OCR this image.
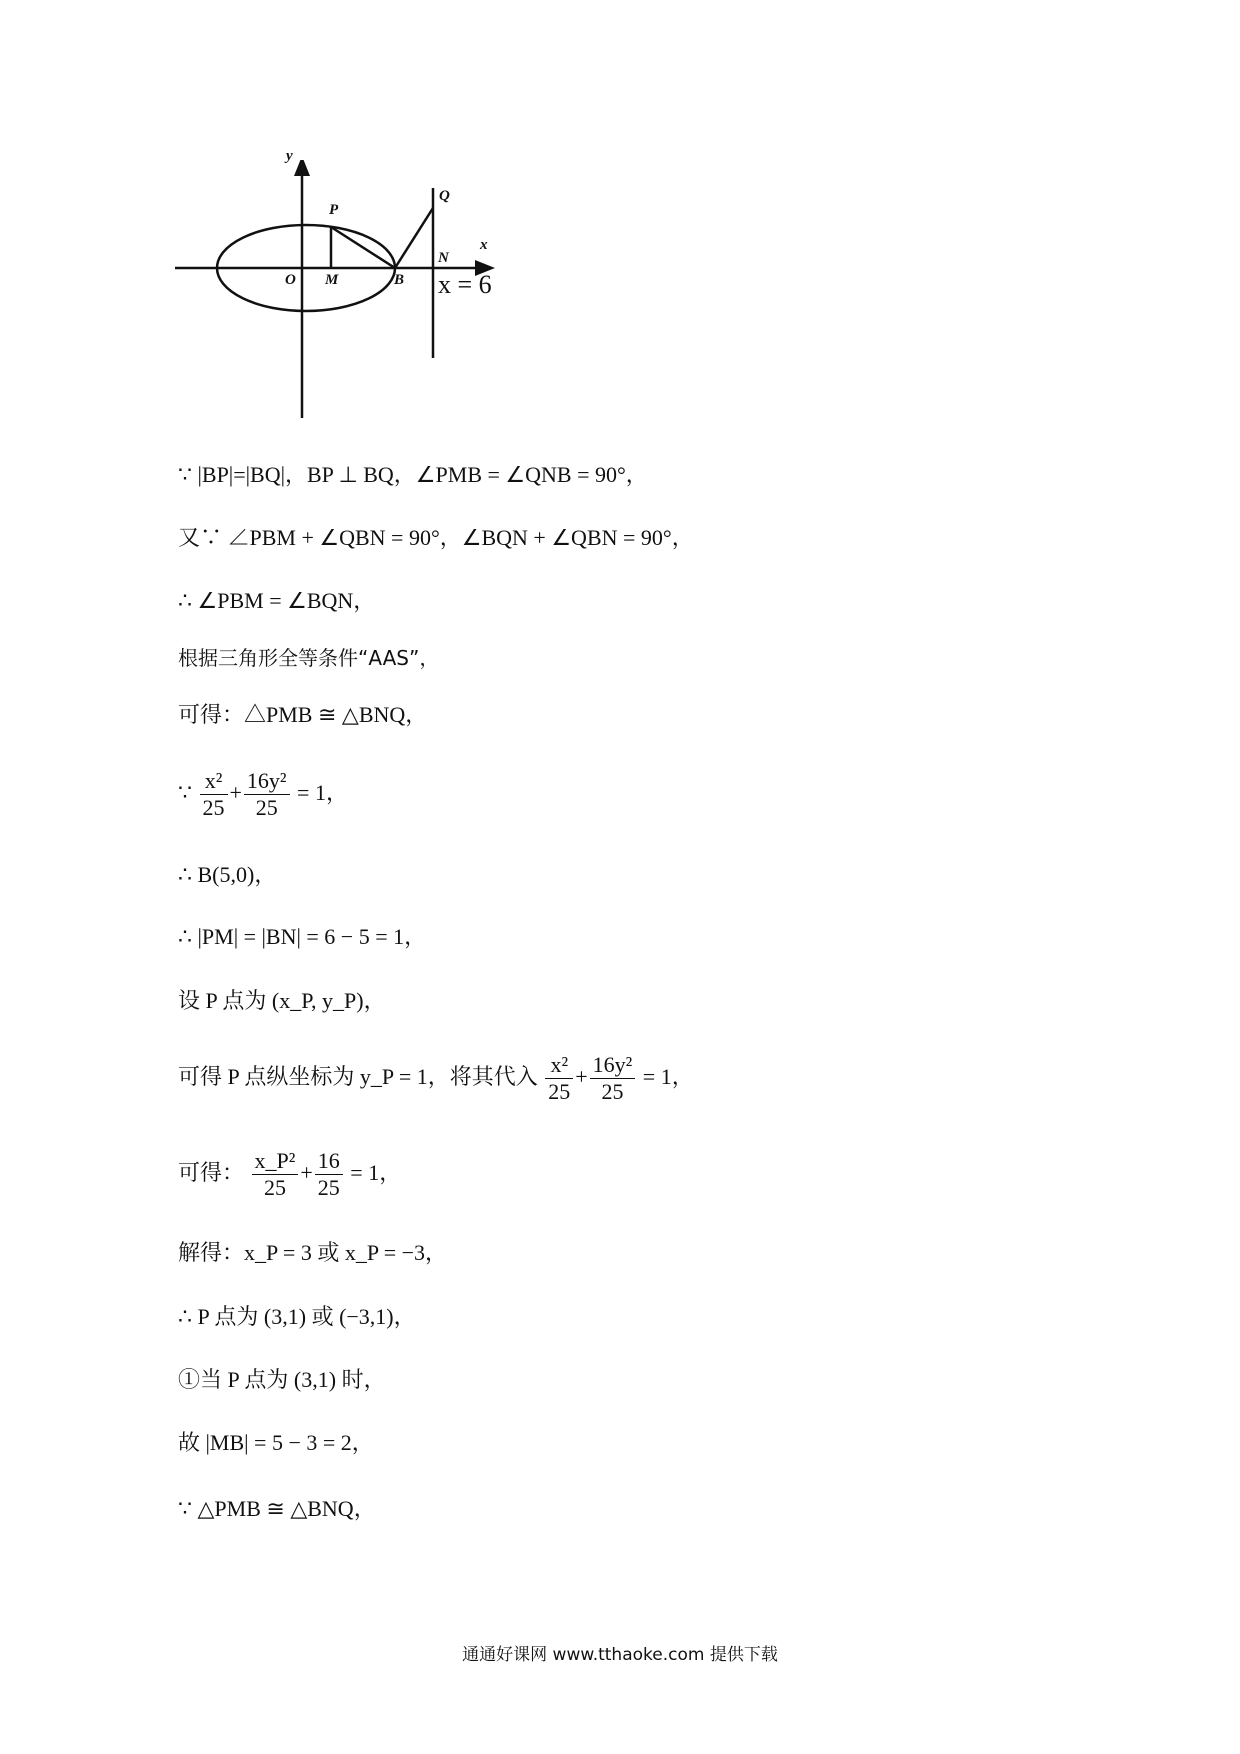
y
x
O M	B
P
Q
N
x = 6
∵ |BP|=|BQ|，BP ⊥ BQ，∠PMB = ∠QNB = 90°，
又∵ ∠PBM + ∠QBN = 90°，∠BQN + ∠QBN = 90°，
∴ ∠PBM = ∠BQN，
根据三角形全等条件“AAS”，
可得：△PMB ≅ △BNQ，
∵ $\frac{\text{x²}}{25} + \frac{\text{16y²}}{25} = 1$，
∴ B(5,0)，
∴ |PM| = |BN| = 6 − 5 = 1，
设 P 点为 (x_P, y_P)，
可得 P 点纵坐标为 y_P = 1，将其代入 $\frac{\text{x²}}{25} + \frac{\text{16y²}}{25} = 1$，
可得： $\frac{\text{x\_P²}}{25} + \frac{16}{25} = 1$，
解得：x_P = 3 或 x_P = −3，
∴ P 点为 (3,1) 或 (−3,1)，
①当 P 点为 (3,1) 时，
故 |MB| = 5 − 3 = 2，
∵ △PMB ≅ △BNQ，
通通好课网 www.tthaoke.com 提供下载
